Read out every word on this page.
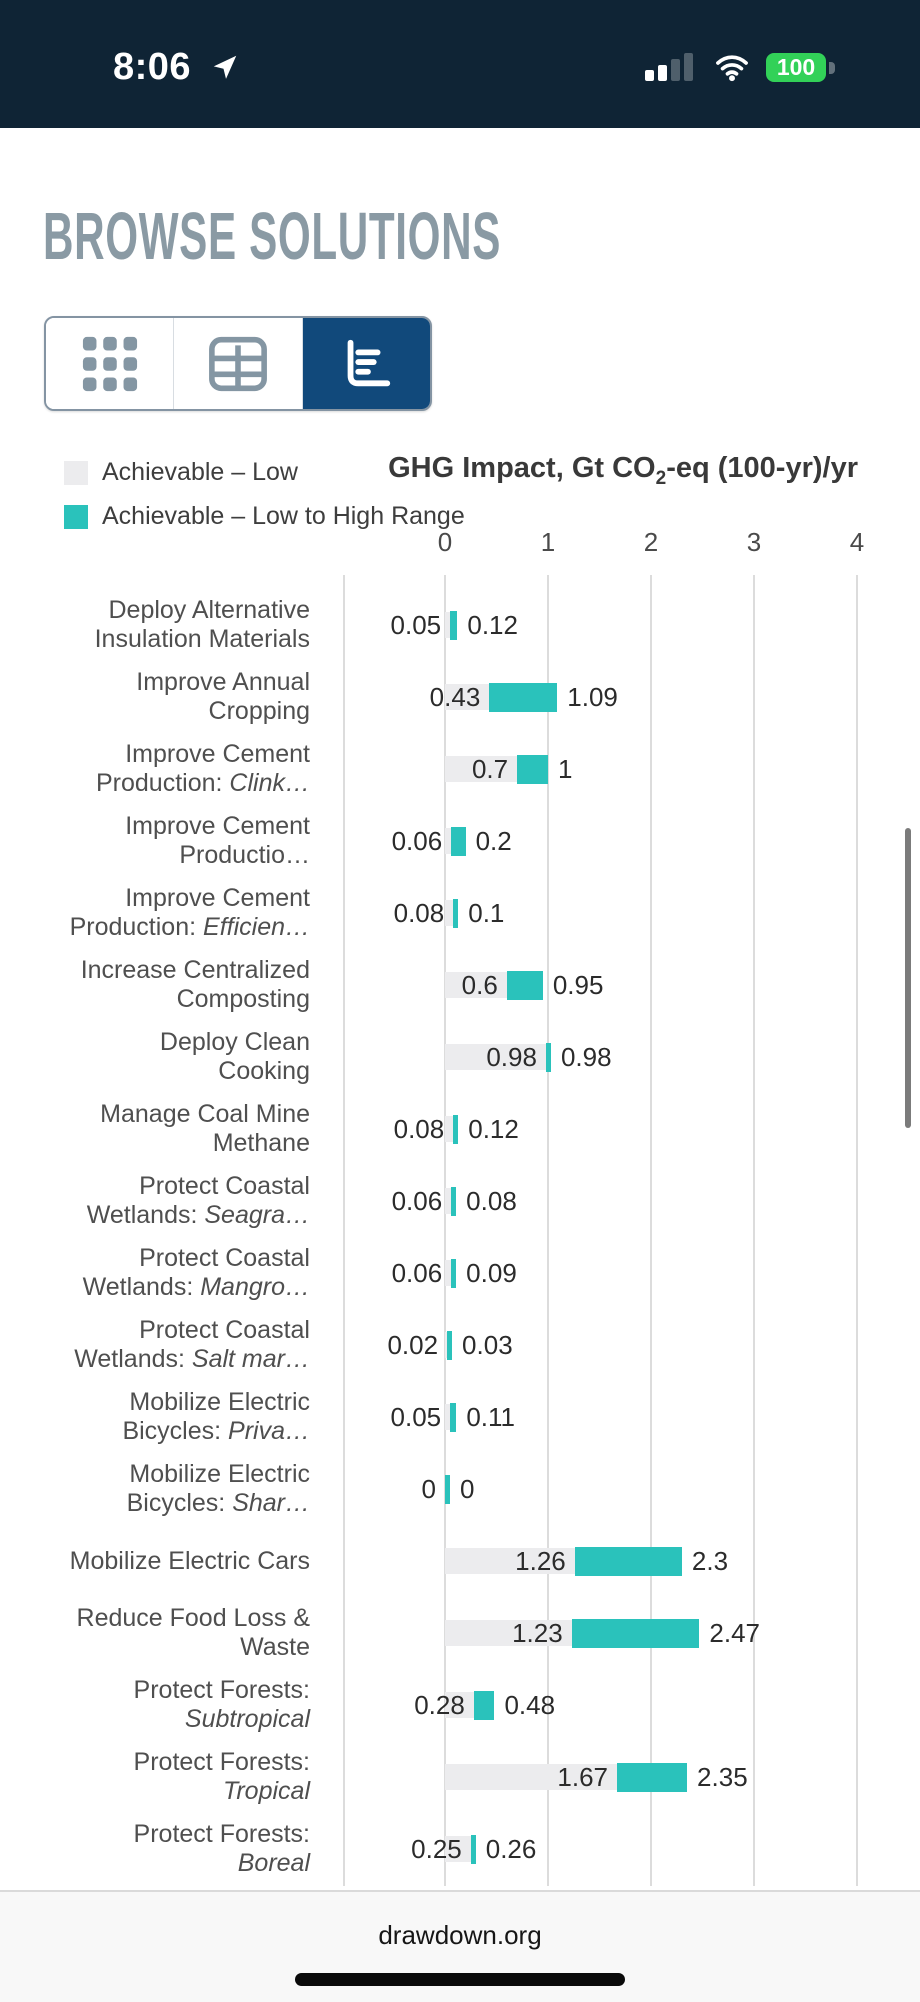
8:06	100
BROWSE SOLUTIONS
Achievable – Low
Achievable – Low to High Range
GHG Impact, Gt $CO_2-eq$ (100-yr)/yr
0	1	2	3	4
Deploy Alternative
Insulation Materials	0.05 0.12
Improve Annual
Cropping	0.43	1.09
Improve Cement
Production: Clink…	0.7 1
Improve Cement
Productio…	0.06 0.2
Improve Cement
Production: Efficien…	0.08 0.1
Increase Centralized
Composting	0.6 0.95
Deploy Clean
Cooking	0.98 0.98
Manage Coal Mine
Methane	0.08 0.12
Protect Coastal
Wetlands: Seagra…	0.06 0.08
Protect Coastal
Wetlands: Mangro…	0.06 0.09
Protect Coastal
Wetlands: Salt mar…	0.02 0.03
Mobilize Electric
Bicycles: Priva…	0.05 0.11
Mobilize Electric
Bicycles: Shar…	0 0
Mobilize Electric Cars	1.26	2.3
Reduce Food Loss &
Waste	1.23	2.47
Protect Forests:
Subtropical	0.28 0.48
Protect Forests:
Tropical	1.67	2.35
Protect Forests:
Boreal	0.25 0.26
drawdown.org
